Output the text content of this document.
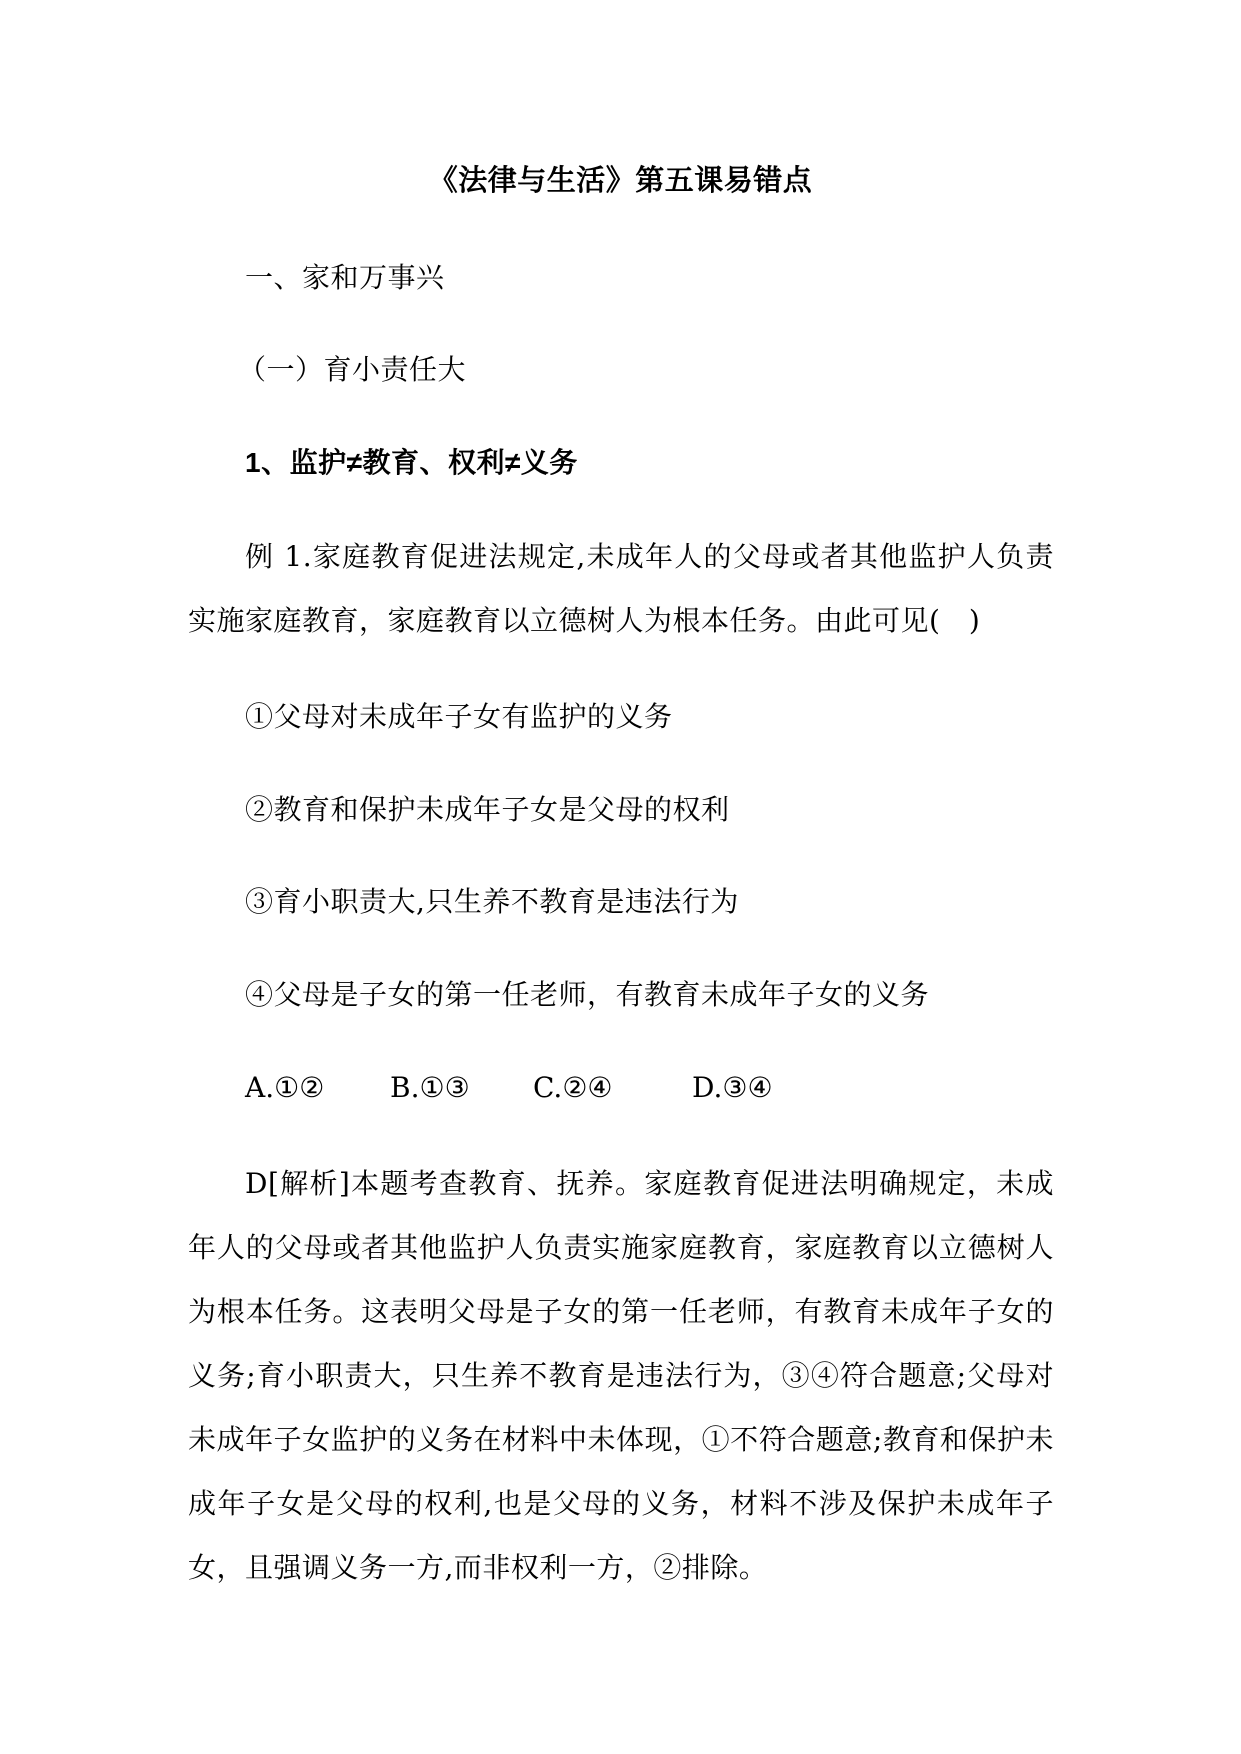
《法律与生活》第五课易错点
一、家和万事兴
（一）育小责任大
1、监护≠教育、权利≠义务
例 1.家庭教育促进法规定,未成年人的父母或者其他监护人负责实施家庭教育，家庭教育以立德树人为根本任务。由此可见(　)
①父母对未成年子女有监护的义务
②教育和保护未成年子女是父母的权利
③育小职责大,只生养不教育是违法行为
④父母是子女的第一任老师，有教育未成年子女的义务
A.①② B.①③ C.②④	D.③④
D[解析]本题考查教育、抚养。家庭教育促进法明确规定，未成年人的父母或者其他监护人负责实施家庭教育，家庭教育以立德树人为根本任务。这表明父母是子女的第一任老师，有教育未成年子女的义务;育小职责大，只生养不教育是违法行为，③④符合题意;父母对未成年子女监护的义务在材料中未体现，①不符合题意;教育和保护未成年子女是父母的权利,也是父母的义务，材料不涉及保护未成年子女，且强调义务一方,而非权利一方，②排除。
